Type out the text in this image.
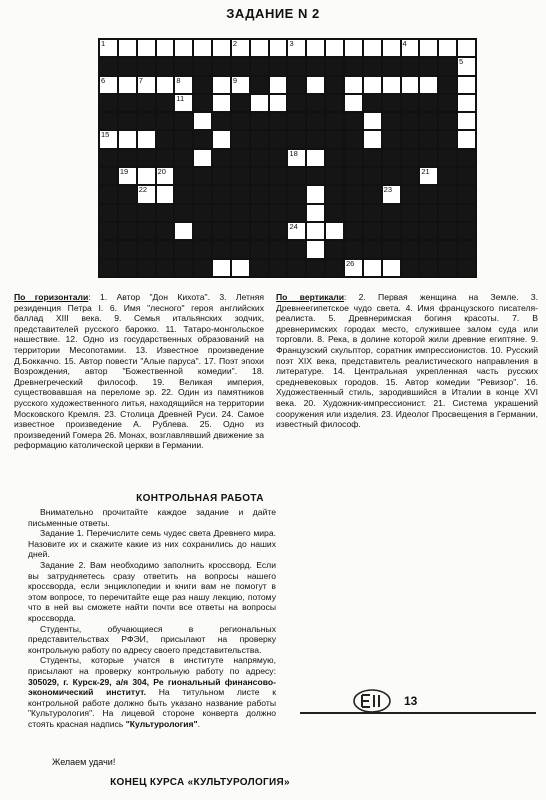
ЗАДАНИЕ N 2
1	2	3	4
5
6	7	8	9
11
15
18
19	20	21
22	23
24
26
По горизонтали: 1. Автор "Дон Кихота". 3. Летняя резиденция Петра I. 6. Имя "лесного" героя английских баллад XIII века. 9. Семья итальянских зодчих, представителей русского барокко. 11. Татаро-монгольское нашествие. 12. Одно из государственных образований на территории Месопотамии. 13. Известное произведение Д.Боккаччо. 15. Автор повести "Алые паруса". 17. Поэт эпохи Возрождения, автор "Божественной комедии". 18. Древнегреческий философ. 19. Великая империя, существовавшая на переломе эр. 22. Один из памятников русского художественного литья, находящийся на территории Московского Кремля. 23. Столица Древней Руси. 24. Самое известное произведение А. Рублева. 25. Одно из произведений Гомера 26. Монах, возглавлявший движение за реформацию католической церкви в Германии.
По вертикали: 2. Первая женщина на Земле. 3. Древнеегипетское чудо света. 4. Имя французского писателя-реалиста. 5. Древнеримская богиня красоты. 7. В древнеримских городах место, служившее залом суда или торговли. 8. Река, в долине которой жили древние египтяне. 9. Французский скульптор, соратник импрессионистов. 10. Русский поэт XIX века, представитель реалистического направления в литературе. 14. Центральная укрепленная часть русских средневековых городов. 15. Автор комедии "Ревизор". 16. Художественный стиль, зародившийся в Италии в конце XVI века. 20. Художник-импрессионист. 21. Система украшений сооружения или изделия. 23. Идеолог Просвещения в Германии, известный философ.
КОНТРОЛЬНАЯ РАБОТА

Внимательно прочитайте каждое задание и дайте письменные ответы.

Задание 1. Перечислите семь чудес света Древнего мира. Назовите их и скажите какие из них сохранились до наших дней.

Задание 2. Вам необходимо заполнить кроссворд. Если вы затрудняетесь сразу ответить на вопросы нашего кроссворда, если энциклопедии и книги вам не помогут в этом вопросе, то перечитайте еще раз нашу лекцию, потому что в ней вы сможете найти почти все ответы на вопросы кроссворда.

Студенты, обучающиеся в региональных представительствах РФЭИ, присылают на проверку контрольную работу по адресу своего представительства.

Студенты, которые учатся в институте напрямую, присылают на проверку контрольную работу по адресу: 305029, г. Курск-29, а/я 304, Ре гиональный финансово-экономический институт. На титульном листе к контрольной работе должно быть указано название работы "Культурология". На лицевой стороне конверта должно стоять красная надпись "Культурология".

13
Желаем удачи!
КОНЕЦ КУРСА «КУЛЬТУРОЛОГИЯ»
